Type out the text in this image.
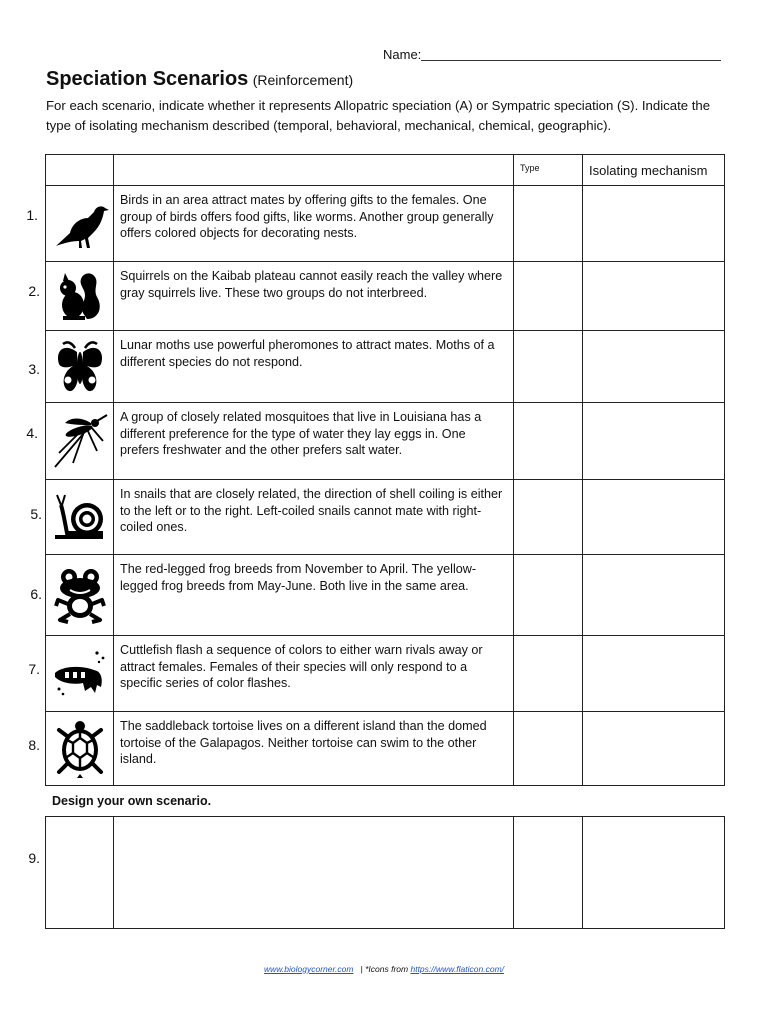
Name:
Speciation Scenarios (Reinforcement)
For each scenario, indicate whether it represents Allopatric speciation (A) or Sympatric speciation (S). Indicate the type of isolating mechanism described (temporal, behavioral, mechanical, chemical, geographic).
		Type	Isolating mechanism

	Birds in an area attract mates by offering gifts to the females. One group of birds offers food gifts, like worms. Another group generally offers colored objects for decorating nests.		

	Squirrels on the Kaibab plateau cannot easily reach the valley where gray squirrels live. These two groups do not interbreed.		

	Lunar moths use powerful pheromones to attract mates. Moths of a different species do not respond.		

	A group of closely related mosquitoes that live in Louisiana has a different preference for the type of water they lay eggs in. One prefers freshwater and the other prefers salt water.		

	In snails that are closely related, the direction of shell coiling is either to the left or to the right. Left-coiled snails cannot mate with right-coiled ones.		

	The red-legged frog breeds from November to April. The yellow-legged frog breeds from May-June. Both live in the same area.		

	Cuttlefish flash a sequence of colors to either warn rivals away or attract females. Females of their species will only respond to a specific series of color flashes.		

	The saddleback tortoise lives on a different island than the domed tortoise of the Galapagos. Neither tortoise can swim to the other island.		
1.
2.
3.
4.
5.
6.
7.
8.
Design your own scenario.

9.
www.biologycorner.com | *Icons from https://www.flaticon.com/
